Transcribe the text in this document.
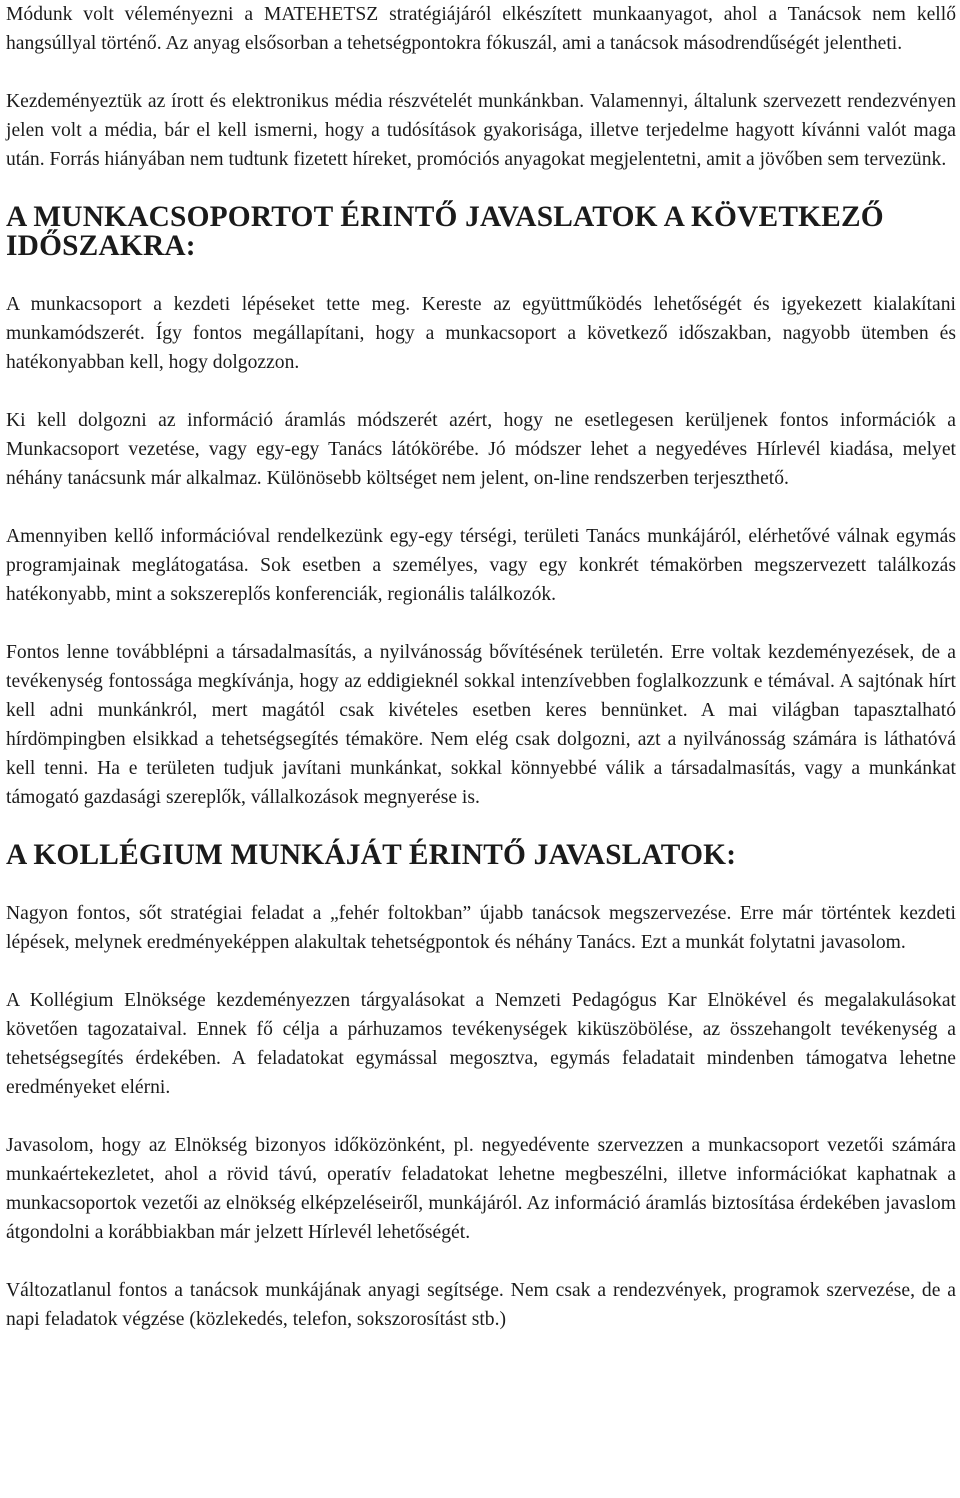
Módunk volt véleményezni a MATEHETSZ stratégiájáról elkészített munkaanyagot, ahol a Tanácsok nem kellő hangsúllyal történő. Az anyag elsősorban a tehetségpontokra fókuszál, ami a tanácsok másodrendűségét jelentheti.

Kezdeményeztük az írott és elektronikus média részvételét munkánkban. Valamennyi, általunk szervezett rendezvényen jelen volt a média, bár el kell ismerni, hogy a tudósítások gyakorisága, illetve terjedelme hagyott kívánni valót maga után. Forrás hiányában nem tudtunk fizetett híreket, promóciós anyagokat megjelentetni, amit a jövőben sem tervezünk.

A MUNKACSOPORTOT ÉRINTŐ JAVASLATOK A KÖVETKEZŐ IDŐSZAKRA:

A munkacsoport a kezdeti lépéseket tette meg. Kereste az együttműködés lehetőségét és igyekezett kialakítani munkamódszerét. Így fontos megállapítani, hogy a munkacsoport a következő időszakban, nagyobb ütemben és hatékonyabban kell, hogy dolgozzon.

Ki kell dolgozni az információ áramlás módszerét azért, hogy ne esetlegesen kerüljenek fontos információk a Munkacsoport vezetése, vagy egy-egy Tanács látókörébe. Jó módszer lehet a negyedéves Hírlevél kiadása, melyet néhány tanácsunk már alkalmaz. Különösebb költséget nem jelent, on-line rendszerben terjeszthető.

Amennyiben kellő információval rendelkezünk egy-egy térségi, területi Tanács munkájáról, elérhetővé válnak egymás programjainak meglátogatása. Sok esetben a személyes, vagy egy konkrét témakörben megszervezett találkozás hatékonyabb, mint a sokszereplős konferenciák, regionális találkozók.

Fontos lenne továbblépni a társadalmasítás, a nyilvánosság bővítésének területén. Erre voltak kezdeményezések, de a tevékenység fontossága megkívánja, hogy az eddigieknél sokkal intenzívebben foglalkozzunk e témával. A sajtónak hírt kell adni munkánkról, mert magától csak kivételes esetben keres bennünket. A mai világban tapasztalható hírdömpingben elsikkad a tehetségsegítés témaköre. Nem elég csak dolgozni, azt a nyilvánosság számára is láthatóvá kell tenni. Ha e területen tudjuk javítani munkánkat, sokkal könnyebbé válik a társadalmasítás, vagy a munkánkat támogató gazdasági szereplők, vállalkozások megnyerése is.

A KOLLÉGIUM MUNKÁJÁT ÉRINTŐ JAVASLATOK:

Nagyon fontos, sőt stratégiai feladat a „fehér foltokban” újabb tanácsok megszervezése. Erre már történtek kezdeti lépések, melynek eredményeképpen alakultak tehetségpontok és néhány Tanács. Ezt a munkát folytatni javasolom.

A Kollégium Elnöksége kezdeményezzen tárgyalásokat a Nemzeti Pedagógus Kar Elnökével és megalakulásokat követően tagozataival. Ennek fő célja a párhuzamos tevékenységek kiküszöbölése, az összehangolt tevékenység a tehetségsegítés érdekében. A feladatokat egymással megosztva, egymás feladatait mindenben támogatva lehetne eredményeket elérni.

Javasolom, hogy az Elnökség bizonyos időközönként, pl. negyedévente szervezzen a munkacsoport vezetői számára munkaértekezletet, ahol a rövid távú, operatív feladatokat lehetne megbeszélni, illetve információkat kaphatnak a munkacsoportok vezetői az elnökség elképzeléseiről, munkájáról. Az információ áramlás biztosítása érdekében javaslom átgondolni a korábbiakban már jelzett Hírlevél lehetőségét.

Változatlanul fontos a tanácsok munkájának anyagi segítsége. Nem csak a rendezvények, programok szervezése, de a napi feladatok végzése (közlekedés, telefon, sokszorosítást stb.)
